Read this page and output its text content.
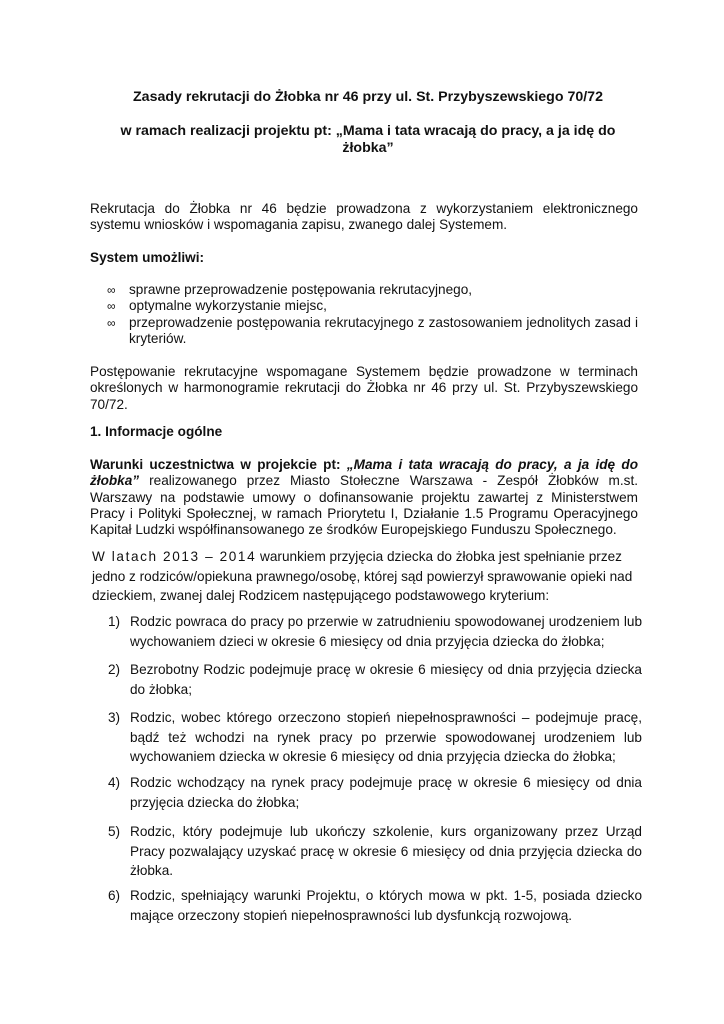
Zasady rekrutacji do Żłobka nr 46 przy ul. St. Przybyszewskiego 70/72
w ramach realizacji projektu pt: „Mama i tata wracają do pracy, a ja idę do żłobka”
Rekrutacja do Żłobka nr 46 będzie prowadzona z wykorzystaniem elektronicznego systemu wniosków i wspomagania zapisu, zwanego dalej Systemem.
System umożliwi:
∞ sprawne przeprowadzenie postępowania rekrutacyjnego,
∞ optymalne wykorzystanie miejsc,
∞ przeprowadzenie postępowania rekrutacyjnego z zastosowaniem jednolitych zasad i kryteriów.
Postępowanie rekrutacyjne wspomagane Systemem będzie prowadzone w terminach określonych w harmonogramie rekrutacji do Żłobka nr 46 przy ul. St. Przybyszewskiego 70/72.
1. Informacje ogólne
Warunki uczestnictwa w projekcie pt: „Mama i tata wracają do pracy, a ja idę do żłobka” realizowanego przez Miasto Stołeczne Warszawa - Zespół Żłobków m.st. Warszawy na podstawie umowy o dofinansowanie projektu zawartej z Ministerstwem Pracy i Polityki Społecznej, w ramach Priorytetu I, Działanie 1.5 Programu Operacyjnego Kapitał Ludzki współfinansowanego ze środków Europejskiego Funduszu Społecznego.
W latach 2013 – 2014 warunkiem przyjęcia dziecka do żłobka jest spełnianie przez
jedno z rodziców/opiekuna prawnego/osobę, której sąd powierzył sprawowanie opieki nad
dzieckiem, zwanej dalej Rodzicem następującego podstawowego kryterium:
1) Rodzic powraca do pracy po przerwie w zatrudnieniu spowodowanej urodzeniem lub wychowaniem dzieci w okresie 6 miesięcy od dnia przyjęcia dziecka do żłobka;
2) Bezrobotny Rodzic podejmuje pracę w okresie 6 miesięcy od dnia przyjęcia dziecka do żłobka;
3) Rodzic, wobec którego orzeczono stopień niepełnosprawności – podejmuje pracę, bądź też wchodzi na rynek pracy po przerwie spowodowanej urodzeniem lub wychowaniem dziecka w okresie 6 miesięcy od dnia przyjęcia dziecka do żłobka;
4) Rodzic wchodzący na rynek pracy podejmuje pracę w okresie 6 miesięcy od dnia przyjęcia dziecka do żłobka;
5) Rodzic, który podejmuje lub ukończy szkolenie, kurs organizowany przez Urząd Pracy pozwalający uzyskać pracę w okresie 6 miesięcy od dnia przyjęcia dziecka do żłobka.
6) Rodzic, spełniający warunki Projektu, o których mowa w pkt. 1-5, posiada dziecko mające orzeczony stopień niepełnosprawności lub dysfunkcją rozwojową.
